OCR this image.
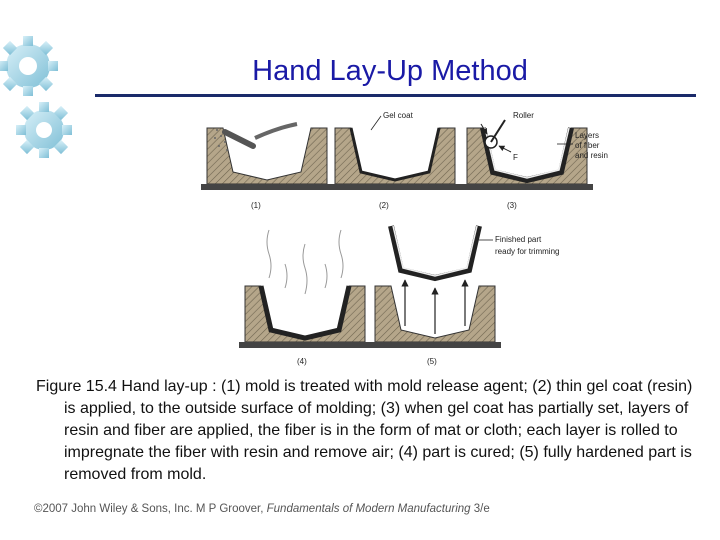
Hand Lay-Up Method
(1)
Gel coat
(2)
Roller
F
Layers
of fiber
and resin
(3)
(4)
Finished part
ready for trimming
(5)
Figure 15.4 Hand lay‑up : (1) mold is treated with mold release agent; (2) thin gel coat (resin) is applied, to the outside surface of molding; (3) when gel coat has partially set, layers of resin and fiber are applied, the fiber is in the form of mat or cloth; each layer is rolled to impregnate the fiber with resin and remove air; (4) part is cured; (5) fully hardened part is removed from mold.
©2007 John Wiley & Sons, Inc. M P Groover, Fundamentals of Modern Manufacturing 3/e
